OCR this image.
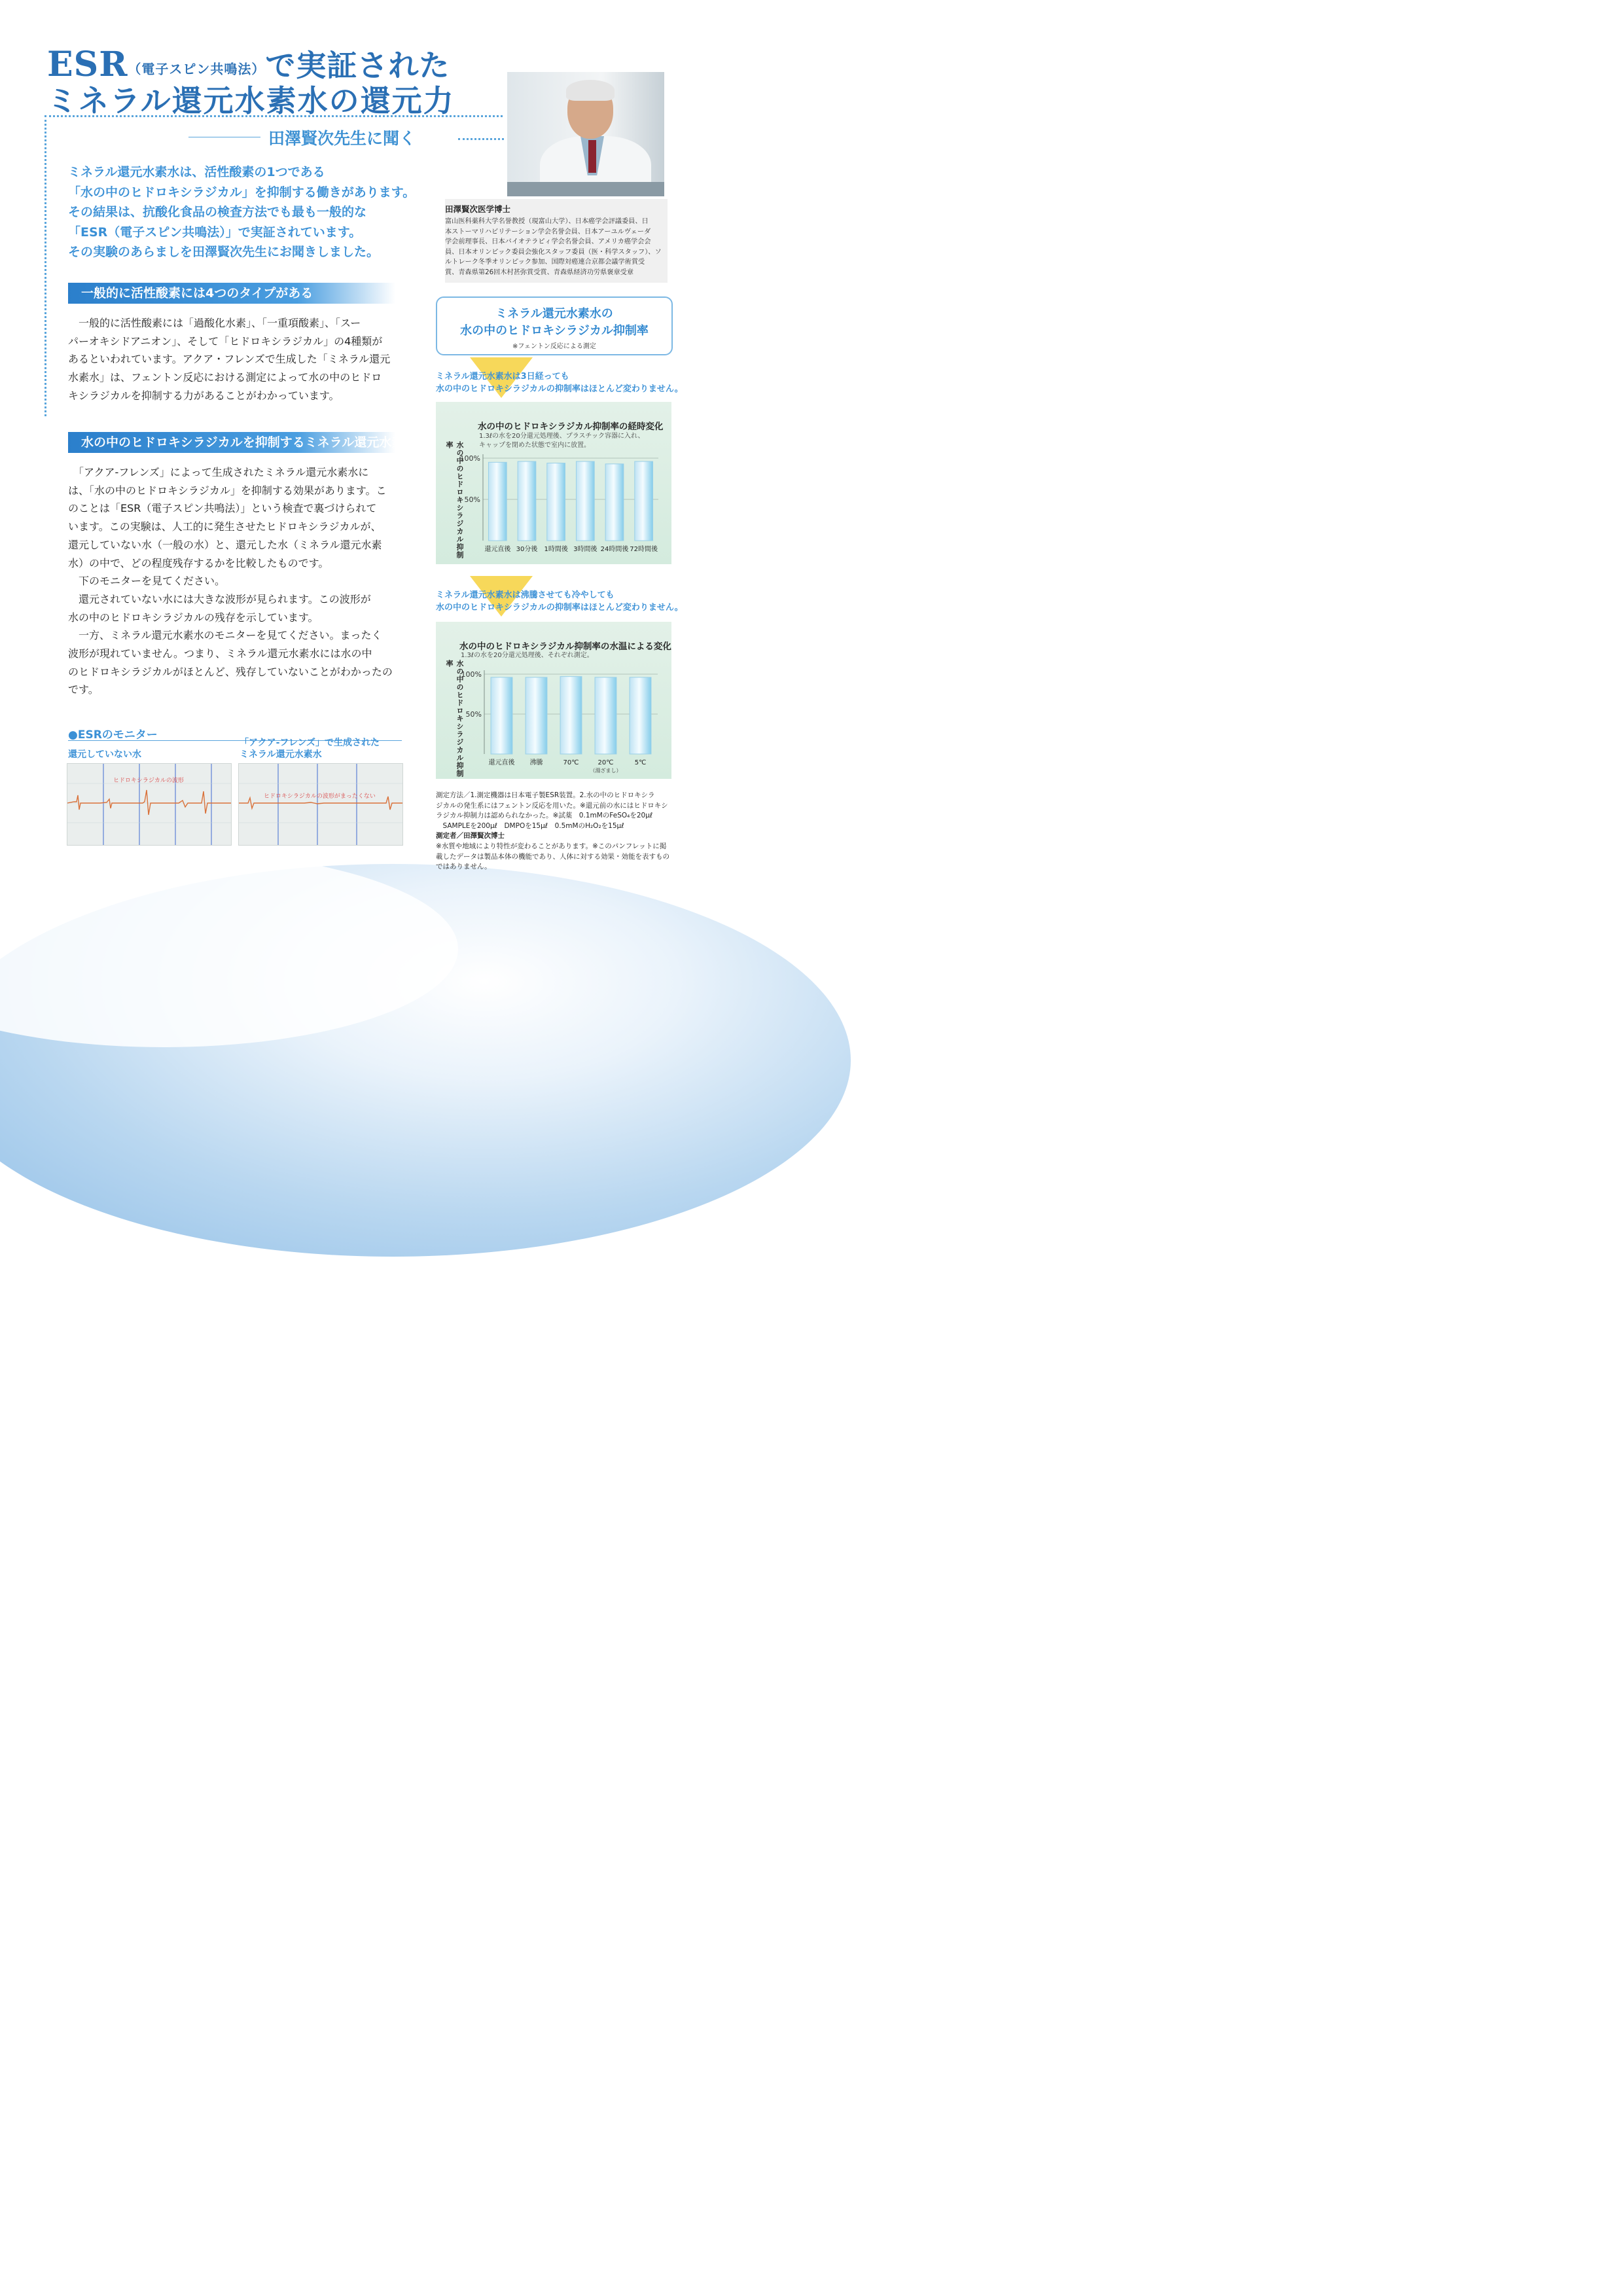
ESR（電子スピン共鳴法）で実証された
ミネラル還元水素水の還元力
田澤賢次先生に聞く
ミネラル還元水素水は、活性酸素の1つである
「水の中のヒドロキシラジカル」を抑制する働きがあります。
その結果は、抗酸化食品の検査方法でも最も一般的な
「ESR（電子スピン共鳴法）」で実証されています。
その実験のあらましを田澤賢次先生にお聞きしました。
田澤賢次医学博士
富山医科薬科大学名誉教授（現富山大学）、日本癌学会評議委員、日
本ストーマリハビリテーション学会名誉会員、日本アーユルヴェーダ
学会前理事長、日本バイオテラピィ学会名誉会員、アメリカ癌学会会
員、日本オリンピック委員会強化スタッフ委員（医・科学スタッフ）、ソ
ルトレーク冬季オリンピック参加、国際対癌連合京都会議学術賞受
賞、青森県第26回木村甚弥賞受賞、青森県経済功労県褒章受章
一般的に活性酸素には4つのタイプがある
　一般的に活性酸素には「過酸化水素」、「一重項酸素」、「スー
パーオキシドアニオン」、そして「ヒドロキシラジカル」の4種類が
あるといわれています。アクア・フレンズで生成した「ミネラル還元
水素水」は、フェントン反応における測定によって水の中のヒドロ
キシラジカルを抑制する力があることがわかっています。
水の中のヒドロキシラジカルを抑制するミネラル還元水素水
　「アクア-フレンズ」によって生成されたミネラル還元水素水に
は、「水の中のヒドロキシラジカル」を抑制する効果があります。こ
のことは「ESR（電子スピン共鳴法）」という検査で裏づけられて
います。この実験は、人工的に発生させたヒドロキシラジカルが、
還元していない水（一般の水）と、還元した水（ミネラル還元水素
水）の中で、どの程度残存するかを比較したものです。
　下のモニターを見てください。
　還元されていない水には大きな波形が見られます。この波形が
水の中のヒドロキシラジカルの残存を示しています。
　一方、ミネラル還元水素水のモニターを見てください。まったく
波形が現れていません。つまり、ミネラル還元水素水には水の中
のヒドロキシラジカルがほとんど、残存していないことがわかったの
です。
●ESRのモニター
還元していない水
「アクア-フレンズ」で生成された
ミネラル還元水素水
ヒドロキシラジカルの波形
ヒドロキシラジカルの波形がまったくない
ミネラル還元水素水の
水の中のヒドロキシラジカル抑制率
※フェントン反応による測定
ミネラル還元水素水は3日経っても
水の中のヒドロキシラジカルの抑制率はほとんど変わりません。
水の中のヒドロキシラジカル抑制率の経時変化
1.3ℓの水を20分還元処理後、プラスチック容器に入れ、
キャップを閉めた状態で室内に放置。
水の中のヒドロキシラジカル抑制率
100%
50%
還元直後 30分後 1時間後 3時間後 24時間後 72時間後
ミネラル還元水素水は沸騰させても冷やしても
水の中のヒドロキシラジカルの抑制率はほとんど変わりません。
水の中のヒドロキシラジカル抑制率の水温による変化
1.3ℓの水を20分還元処理後、それぞれ測定。
水の中のヒドロキシラジカル抑制率
100%
50%
還元直後 沸騰	70℃	20℃
（湯ざまし）
5℃
測定方法／1.測定機器は日本電子製ESR装置。2.水の中のヒドロキシラ
ジカルの発生系にはフェントン反応を用いた。※還元前の水にはヒドロキシ
ラジカル抑制力は認められなかった。※試薬　0.1mMのFeSO₄を20μℓ
　SAMPLEを200μℓ　DMPOを15μℓ　0.5mMのH₂O₂を15μℓ
測定者／田澤賢次博士
※水質や地域により特性が変わることがあります。※このパンフレットに掲
載したデータは製品本体の機能であり、人体に対する効果・効能を表すもの
ではありません。
